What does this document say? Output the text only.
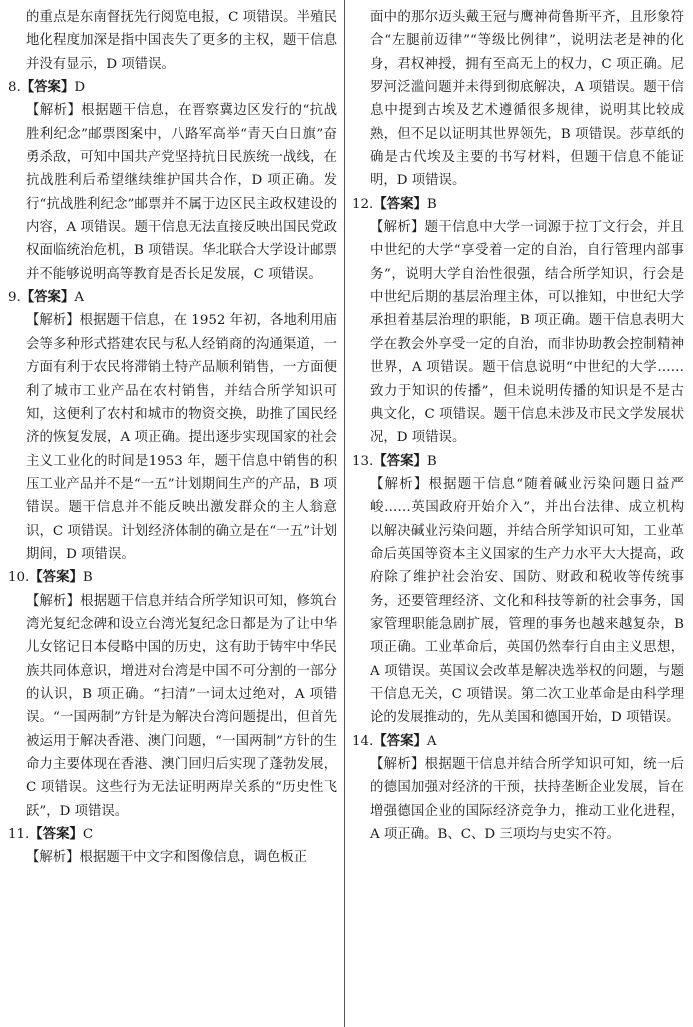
的重点是东南督抚先行阅览电报，C 项错误。半殖民地化程度加深是指中国丧失了更多的主权，题干信息并没有显示，D 项错误。

8.【答案】D

【解析】根据题干信息，在晋察冀边区发行的“抗战胜利纪念”邮票图案中，八路军高举“青天白日旗”奋勇杀敌，可知中国共产党坚持抗日民族统一战线，在抗战胜利后希望继续维护国共合作，D 项正确。发行“抗战胜利纪念”邮票并不属于边区民主政权建设的内容，A 项错误。题干信息无法直接反映出国民党政权面临统治危机，B 项错误。华北联合大学设计邮票并不能够说明高等教育是否长足发展，C 项错误。

9.【答案】A

【解析】根据题干信息，在 1952 年初，各地利用庙会等多种形式搭建农民与私人经销商的沟通渠道，一方面有利于农民将滞销土特产品顺利销售，一方面便利了城市工业产品在农村销售，并结合所学知识可知，这便利了农村和城市的物资交换，助推了国民经济的恢复发展，A 项正确。提出逐步实现国家的社会主义工业化的时间是1953 年，题干信息中销售的积压工业产品并不是“一五”计划期间生产的产品，B 项错误。题干信息并不能反映出激发群众的主人翁意识，C 项错误。计划经济体制的确立是在“一五”计划期间，D 项错误。

10.【答案】B

【解析】根据题干信息并结合所学知识可知，修筑台湾光复纪念碑和设立台湾光复纪念日都是为了让中华儿女铭记日本侵略中国的历史，这有助于铸牢中华民族共同体意识，增进对台湾是中国不可分割的一部分的认识，B 项正确。“扫清”一词太过绝对，A 项错误。“一国两制”方针是为解决台湾问题提出，但首先被运用于解决香港、澳门问题，“一国两制”方针的生命力主要体现在香港、澳门回归后实现了蓬勃发展，C 项错误。这些行为无法证明两岸关系的“历史性飞跃”，D 项错误。

11.【答案】C

【解析】根据题干中文字和图像信息，调色板正

面中的那尔迈头戴王冠与鹰神荷鲁斯平齐，且形象符合“左腿前迈律”“等级比例律”，说明法老是神的化身，君权神授，拥有至高无上的权力，C 项正确。尼罗河泛滥问题并未得到彻底解决，A 项错误。题干信息中提到古埃及艺术遵循很多规律，说明其比较成熟，但不足以证明其世界领先，B 项错误。莎草纸的确是古代埃及主要的书写材料，但题干信息不能证明，D 项错误。

12.【答案】B

【解析】题干信息中大学一词源于拉丁文行会，并且中世纪的大学“享受着一定的自治，自行管理内部事务”，说明大学自治性很强，结合所学知识，行会是中世纪后期的基层治理主体，可以推知，中世纪大学承担着基层治理的职能，B 项正确。题干信息表明大学在教会外享受一定的自治，而非协助教会控制精神世界，A 项错误。题干信息说明“中世纪的大学……致力于知识的传播”，但未说明传播的知识是不是古典文化，C 项错误。题干信息未涉及市民文学发展状况，D 项错误。

13.【答案】B

【解析】根据题干信息“随着碱业污染问题日益严峻……英国政府开始介入”，并出台法律、成立机构以解决碱业污染问题，并结合所学知识可知，工业革命后英国等资本主义国家的生产力水平大大提高，政府除了维护社会治安、国防、财政和税收等传统事务，还要管理经济、文化和科技等新的社会事务，国家管理职能急剧扩展，管理的事务也越来越复杂，B 项正确。工业革命后，英国仍然奉行自由主义思想，A 项错误。英国议会改革是解决选举权的问题，与题干信息无关，C 项错误。第二次工业革命是由科学理论的发展推动的，先从美国和德国开始，D 项错误。

14.【答案】A

【解析】根据题干信息并结合所学知识可知，统一后的德国加强对经济的干预，扶持垄断企业发展，旨在增强德国企业的国际经济竞争力，推动工业化进程，A 项正确。B、C、D 三项均与史实不符。
